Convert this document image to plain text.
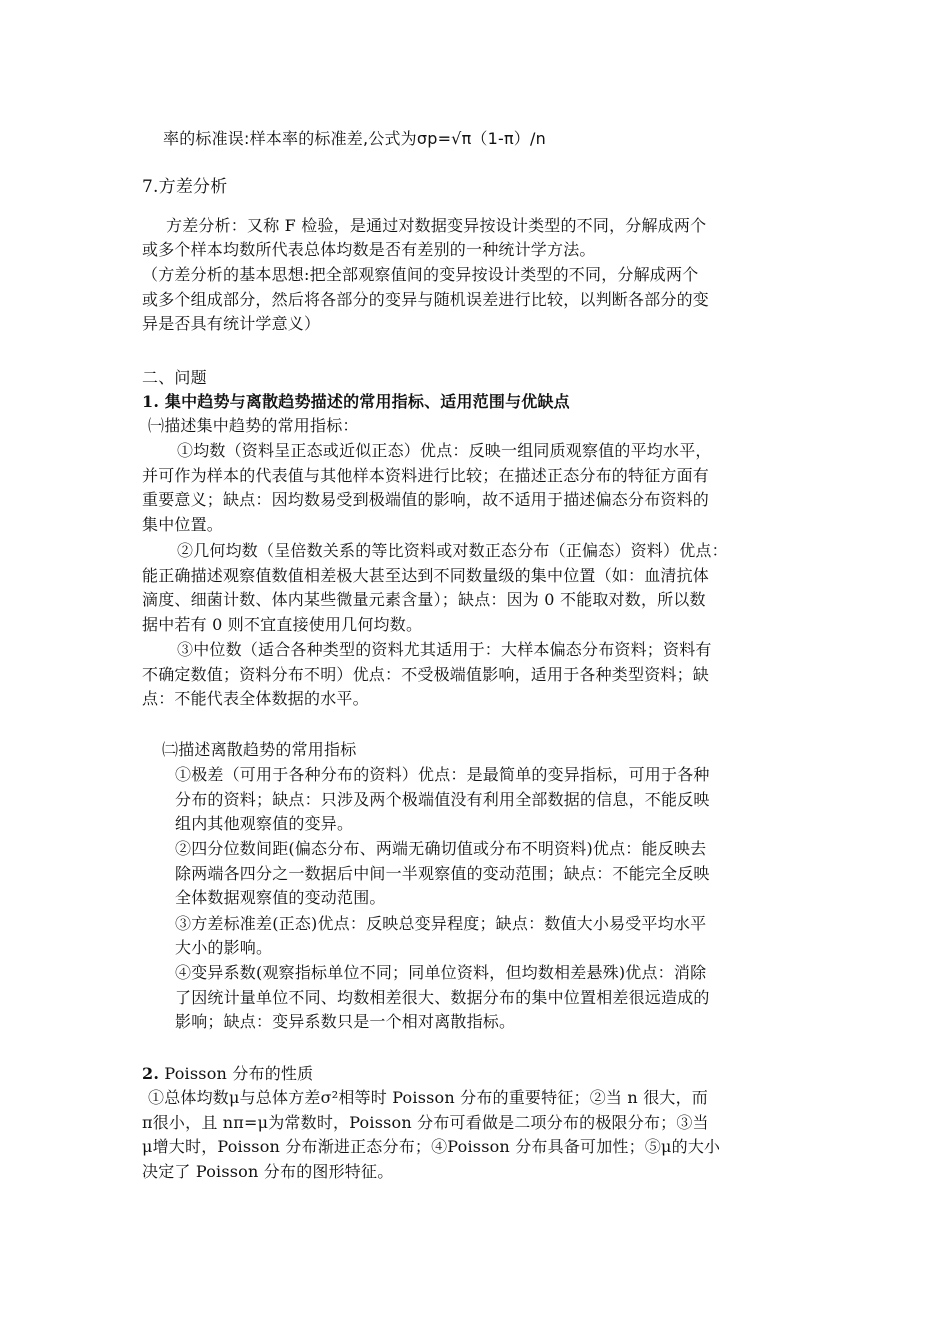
率的标准误:样本率的标准差,公式为σp=√π（1-π）/n
7.方差分析
方差分析：又称 F 检验，是通过对数据变异按设计类型的不同，分解成两个
或多个样本均数所代表总体均数是否有差别的一种统计学方法。
（方差分析的基本思想:把全部观察值间的变异按设计类型的不同，分解成两个
或多个组成部分，然后将各部分的变异与随机误差进行比较，以判断各部分的变
异是否具有统计学意义）
二、问题
1. 集中趋势与离散趋势描述的常用指标、适用范围与优缺点
㈠描述集中趋势的常用指标：
①均数（资料呈正态或近似正态）优点：反映一组同质观察值的平均水平，
并可作为样本的代表值与其他样本资料进行比较；在描述正态分布的特征方面有
重要意义；缺点：因均数易受到极端值的影响，故不适用于描述偏态分布资料的
集中位置。
②几何均数（呈倍数关系的等比资料或对数正态分布（正偏态）资料）优点：
能正确描述观察值数值相差极大甚至达到不同数量级的集中位置（如：血清抗体
滴度、细菌计数、体内某些微量元素含量）；缺点：因为 0 不能取对数，所以数
据中若有 0 则不宜直接使用几何均数。
③中位数（适合各种类型的资料尤其适用于：大样本偏态分布资料；资料有
不确定数值；资料分布不明）优点：不受极端值影响，适用于各种类型资料；缺
点：不能代表全体数据的水平。
㈡描述离散趋势的常用指标
①极差（可用于各种分布的资料）优点：是最简单的变异指标，可用于各种
分布的资料；缺点：只涉及两个极端值没有利用全部数据的信息，不能反映
组内其他观察值的变异。
②四分位数间距(偏态分布、两端无确切值或分布不明资料)优点：能反映去
除两端各四分之一数据后中间一半观察值的变动范围；缺点：不能完全反映
全体数据观察值的变动范围。
③方差标准差(正态)优点：反映总变异程度；缺点：数值大小易受平均水平
大小的影响。
④变异系数(观察指标单位不同；同单位资料，但均数相差悬殊)优点：消除
了因统计量单位不同、均数相差很大、数据分布的集中位置相差很远造成的
影响；缺点：变异系数只是一个相对离散指标。
2. Poisson 分布的性质
①总体均数μ与总体方差σ²相等时 Poisson 分布的重要特征；②当 n 很大，而
π很小，且 nπ=μ为常数时，Poisson 分布可看做是二项分布的极限分布；③当
μ增大时，Poisson 分布渐进正态分布；④Poisson 分布具备可加性；⑤μ的大小
决定了 Poisson 分布的图形特征。
